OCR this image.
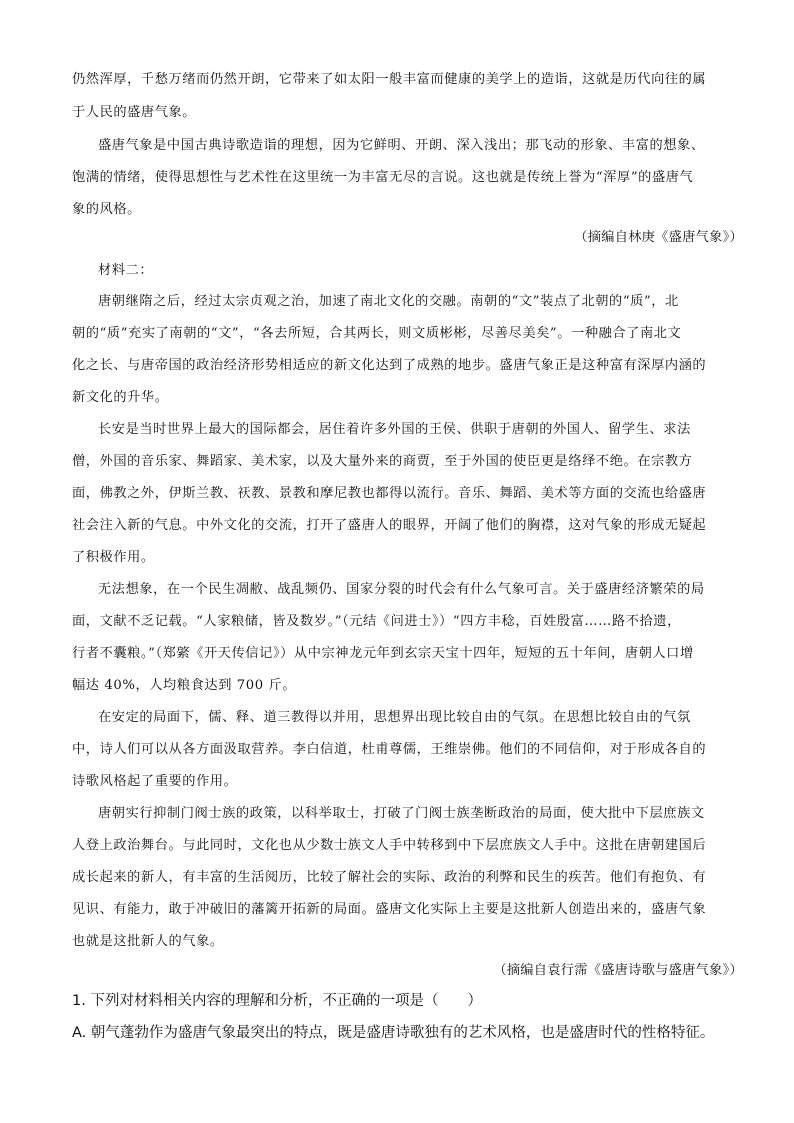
仍然浑厚，千愁万绪而仍然开朗，它带来了如太阳一般丰富而健康的美学上的造诣，这就是历代向往的属
于人民的盛唐气象。
盛唐气象是中国古典诗歌造诣的理想，因为它鲜明、开朗、深入浅出；那飞动的形象、丰富的想象、
饱满的情绪，使得思想性与艺术性在这里统一为丰富无尽的言说。这也就是传统上誉为“浑厚”的盛唐气
象的风格。
（摘编自林庚《盛唐气象》）
材料二：
唐朝继隋之后，经过太宗贞观之治，加速了南北文化的交融。南朝的“文”装点了北朝的“质”，北
朝的“质”充实了南朝的“文”，“各去所短，合其两长，则文质彬彬，尽善尽美矣”。一种融合了南北文
化之长、与唐帝国的政治经济形势相适应的新文化达到了成熟的地步。盛唐气象正是这种富有深厚内涵的
新文化的升华。
长安是当时世界上最大的国际都会，居住着许多外国的王侯、供职于唐朝的外国人、留学生、求法
僧，外国的音乐家、舞蹈家、美术家，以及大量外来的商贾，至于外国的使臣更是络绎不绝。在宗教方
面，佛教之外，伊斯兰教、祆教、景教和摩尼教也都得以流行。音乐、舞蹈、美术等方面的交流也给盛唐
社会注入新的气息。中外文化的交流，打开了盛唐人的眼界，开阔了他们的胸襟，这对气象的形成无疑起
了积极作用。
无法想象，在一个民生凋敝、战乱频仍、国家分裂的时代会有什么气象可言。关于盛唐经济繁荣的局
面，文献不乏记载。“人家粮储，皆及数岁。”（元结《问进士》）“四方丰稔，百姓殷富……路不拾遗，
行者不囊粮。”（郑綮《开天传信记》）从中宗神龙元年到玄宗天宝十四年，短短的五十年间，唐朝人口增
幅达 40%，人均粮食达到 700 斤。
在安定的局面下，儒、释、道三教得以并用，思想界出现比较自由的气氛。在思想比较自由的气氛
中，诗人们可以从各方面汲取营养。李白信道，杜甫尊儒，王维崇佛。他们的不同信仰，对于形成各自的
诗歌风格起了重要的作用。
唐朝实行抑制门阀士族的政策，以科举取士，打破了门阀士族垄断政治的局面，使大批中下层庶族文
人登上政治舞台。与此同时，文化也从少数士族文人手中转移到中下层庶族文人手中。这批在唐朝建国后
成长起来的新人，有丰富的生活阅历，比较了解社会的实际、政治的利弊和民生的疾苦。他们有抱负、有
见识、有能力，敢于冲破旧的藩篱开拓新的局面。盛唐文化实际上主要是这批新人创造出来的，盛唐气象
也就是这批新人的气象。
（摘编自袁行霈《盛唐诗歌与盛唐气象》）
1. 下列对材料相关内容的理解和分析，不正确的一项是（　　）
A. 朝气蓬勃作为盛唐气象最突出的特点，既是盛唐诗歌独有的艺术风格，也是盛唐时代的性格特征。
